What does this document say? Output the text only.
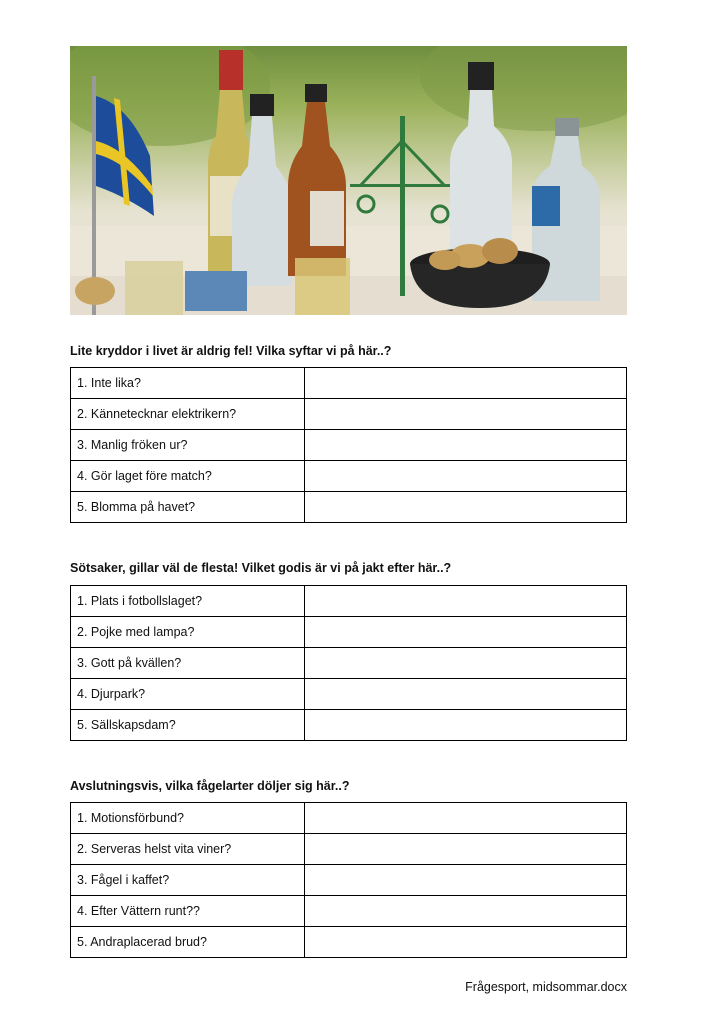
Lite kryddor i livet är aldrig fel! Vilka syftar vi på här..?
1. Inte lika?	
2. Kännetecknar elektrikern?	
3. Manlig fröken ur?	
4. Gör laget före match?	
5. Blomma på havet?	
Sötsaker, gillar väl de flesta! Vilket godis är vi på jakt efter här..?
1. Plats i fotbollslaget?	
2. Pojke med lampa?	
3. Gott på kvällen?	
4. Djurpark?	
5. Sällskapsdam?	
Avslutningsvis, vilka fågelarter döljer sig här..?
1. Motionsförbund?	
2. Serveras helst vita viner?	
3. Fågel i kaffet?	
4. Efter Vättern runt??	
5. Andraplacerad brud?	
Frågesport, midsommar.docx
